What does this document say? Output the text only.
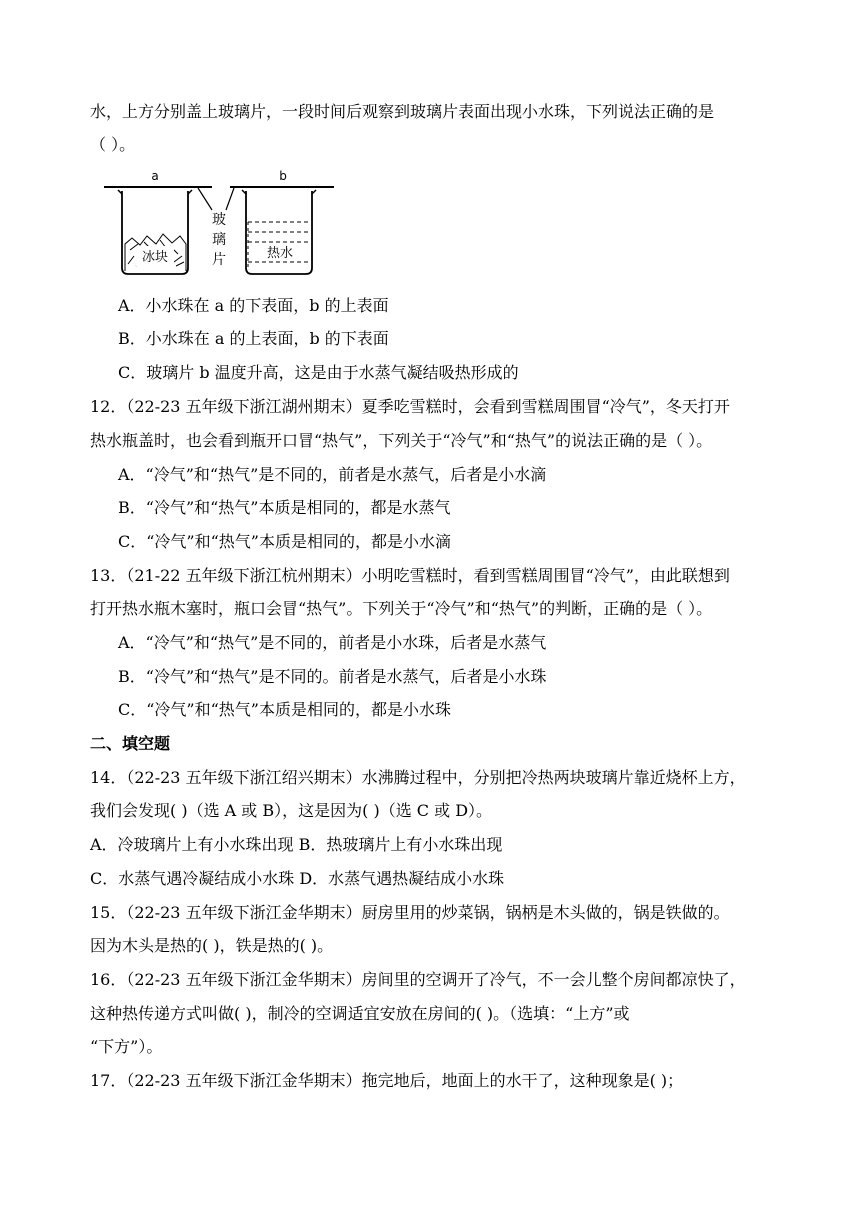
水，上方分别盖上玻璃片，一段时间后观察到玻璃片表面出现小水珠，下列说法正确的是
（ ）。
a	b
冰块	热水
玻
璃
片
A．小水珠在 a 的下表面，b 的上表面
B．小水珠在 a 的上表面，b 的下表面
C．玻璃片 b 温度升高，这是由于水蒸气凝结吸热形成的
12．（22-23 五年级下浙江湖州期末）夏季吃雪糕时，会看到雪糕周围冒“冷气”，冬天打开
热水瓶盖时，也会看到瓶开口冒“热气”，下列关于“冷气”和“热气”的说法正确的是（ ）。
A．“冷气”和“热气”是不同的，前者是水蒸气，后者是小水滴
B．“冷气”和“热气”本质是相同的，都是水蒸气
C．“冷气”和“热气”本质是相同的，都是小水滴
13．（21-22 五年级下浙江杭州期末）小明吃雪糕时，看到雪糕周围冒“冷气”，由此联想到
打开热水瓶木塞时，瓶口会冒“热气”。下列关于“冷气”和“热气”的判断，正确的是（ ）。
A．“冷气”和“热气”是不同的，前者是小水珠，后者是水蒸气
B．“冷气”和“热气”是不同的。前者是水蒸气，后者是小水珠
C．“冷气”和“热气”本质是相同的，都是小水珠
二、填空题
14．（22-23 五年级下浙江绍兴期末）水沸腾过程中，分别把冷热两块玻璃片靠近烧杯上方，
我们会发现( )（选 A 或 B），这是因为( )（选 C 或 D）。
A．冷玻璃片上有小水珠出现 B．热玻璃片上有小水珠出现
C．水蒸气遇冷凝结成小水珠 D．水蒸气遇热凝结成小水珠
15．（22-23 五年级下浙江金华期末）厨房里用的炒菜锅，锅柄是木头做的，锅是铁做的。
因为木头是热的( )，铁是热的( )。
16．（22-23 五年级下浙江金华期末）房间里的空调开了冷气，不一会儿整个房间都凉快了，
这种热传递方式叫做( )，制冷的空调适宜安放在房间的( )。（选填：“上方”或
“下方”）。
17．（22-23 五年级下浙江金华期末）拖完地后，地面上的水干了，这种现象是( )；
